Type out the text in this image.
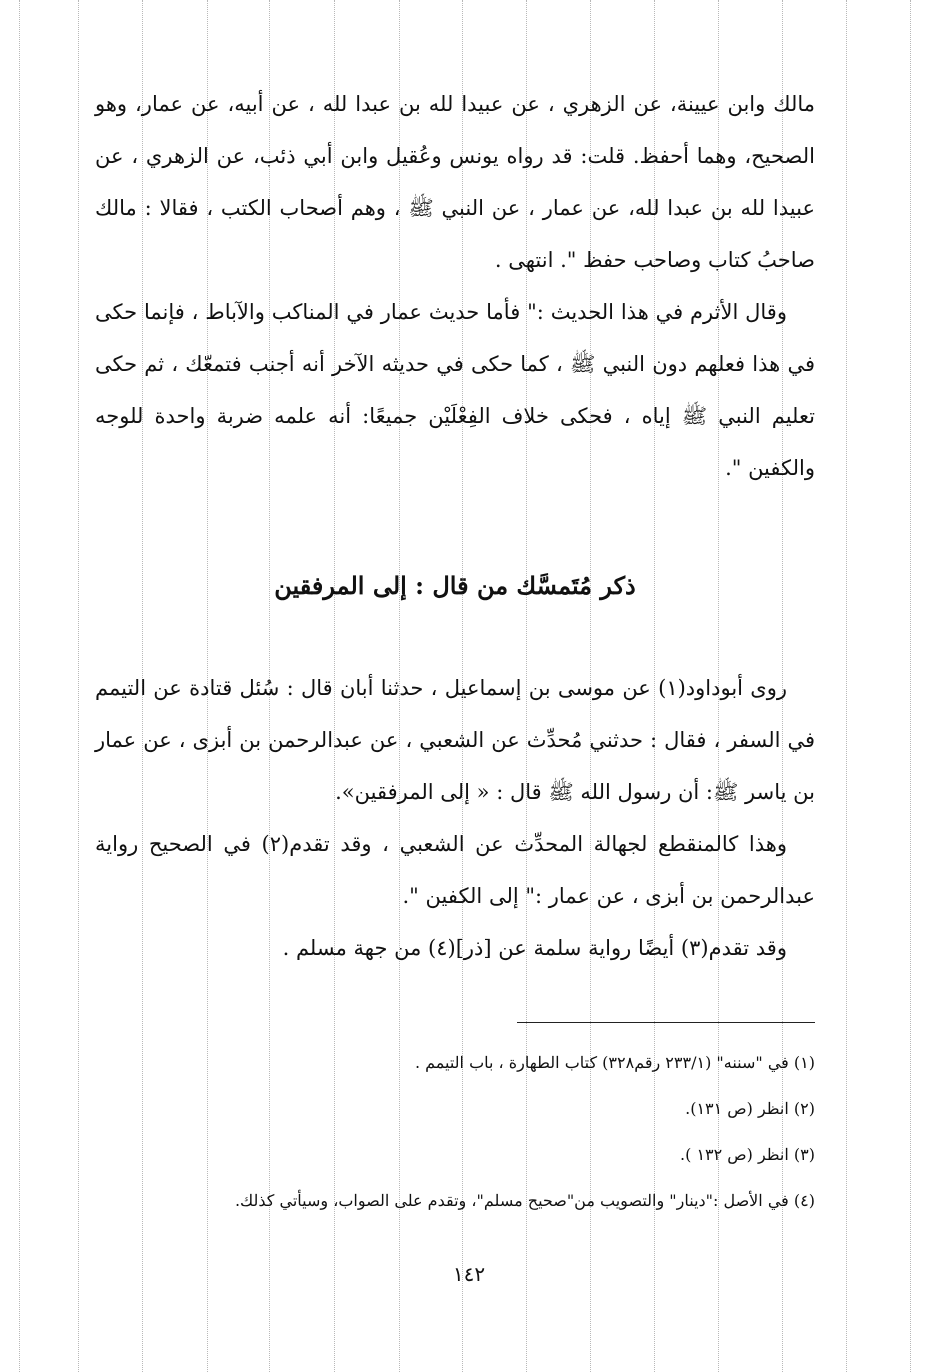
مالك وابن عيينة، عن الزهري ، عن عبيدا لله بن عبدا لله ، عن أبيه، عن عمار، وهو الصحيح، وهما أحفظ. قلت: قد رواه يونس وعُقيل وابن أبي ذئب، عن الزهري ، عن عبيدا لله بن عبدا لله، عن عمار ، عن النبي ﷺ ، وهم أصحاب الكتب ، فقالا : مالك صاحبُ كتاب وصاحب حفظ ". انتهى .

وقال الأثرم في هذا الحديث :" فأما حديث عمار في المناكب والآباط ، فإنما حكى في هذا فعلهم دون النبي ﷺ ، كما حكى في حديثه الآخر أنه أجنب فتمعّك ، ثم حكى تعليم النبي ﷺ إياه ، فحكى خلاف الفِعْلَيْن جميعًا: أنه علمه ضربة واحدة للوجه والكفين ".

ذكر مُتَمسَّك من قال : إلى المرفقين

روى أبوداود(١) عن موسى بن إسماعيل ، حدثنا أبان قال : سُئل قتادة عن التيمم في السفر ، فقال : حدثني مُحدِّث عن الشعبي ، عن عبدالرحمن بن أبزى ، عن عمار بن ياسر ﷺ: أن رسول الله ﷺ قال : « إلى المرفقين».

وهذا كالمنقطع لجهالة المحدِّث عن الشعبي ، وقد تقدم(٢) في الصحيح رواية عبدالرحمن بن أبزى ، عن عمار :" إلى الكفين ".

وقد تقدم(٣) أيضًا رواية سلمة عن [ذر](٤) من جهة مسلم .

(١) في "سننه" (٢٣٣/١ رقم٣٢٨) كتاب الطهارة ، باب التيمم .

(٢) انظر (ص ١٣١).

(٣) انظر (ص ١٣٢ ).

(٤) في الأصل :"دينار" والتصويب من"صحيح مسلم"، وتقدم على الصواب، وسيأتي كذلك.

١٤٢
